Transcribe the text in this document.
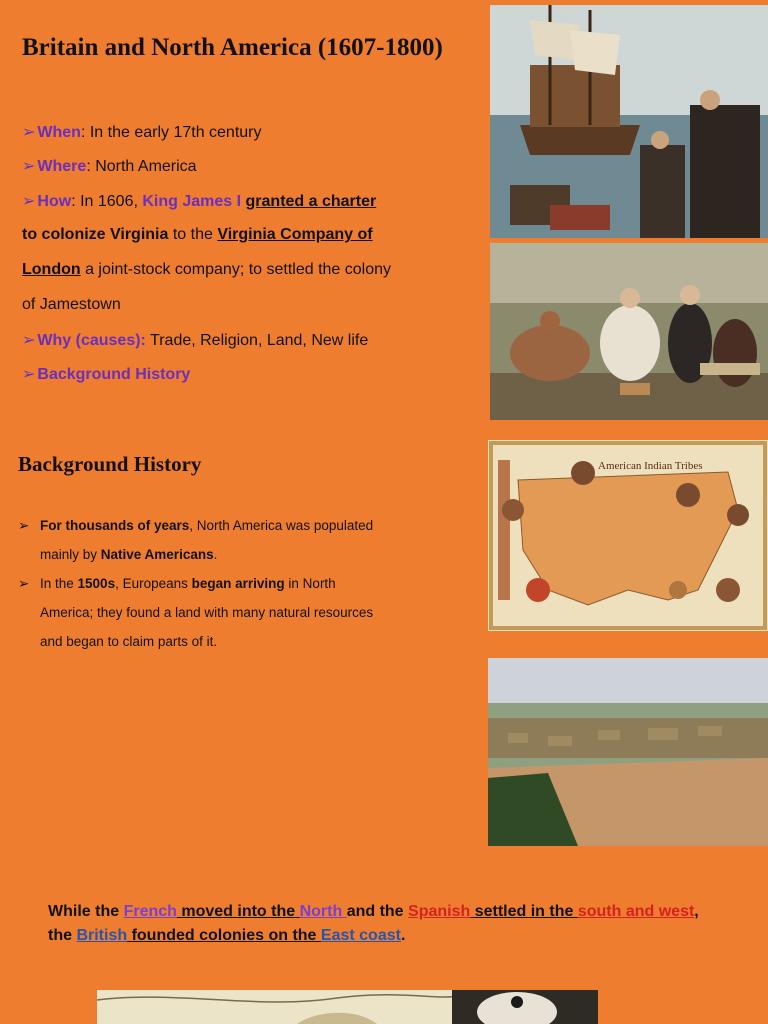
Britain and North America (1607-1800)
➢ When: In the early 17th century
➢ Where: North America
➢ How: In 1606, King James I granted a charter
to colonize Virginia to the Virginia Company of
London a joint-stock company; to settled the colony
of Jamestown
➢ Why (causes): Trade, Religion, Land, New life
➢ Background History
Background History
➢ For thousands of years, North America was populated
mainly by Native Americans.
➢ In the 1500s, Europeans began arriving in North
America; they found a land with many natural resources
and began to claim parts of it.
While the French moved into the North and the Spanish settled in the south and west,
the British founded colonies on the East coast.
American Indian Tribes
